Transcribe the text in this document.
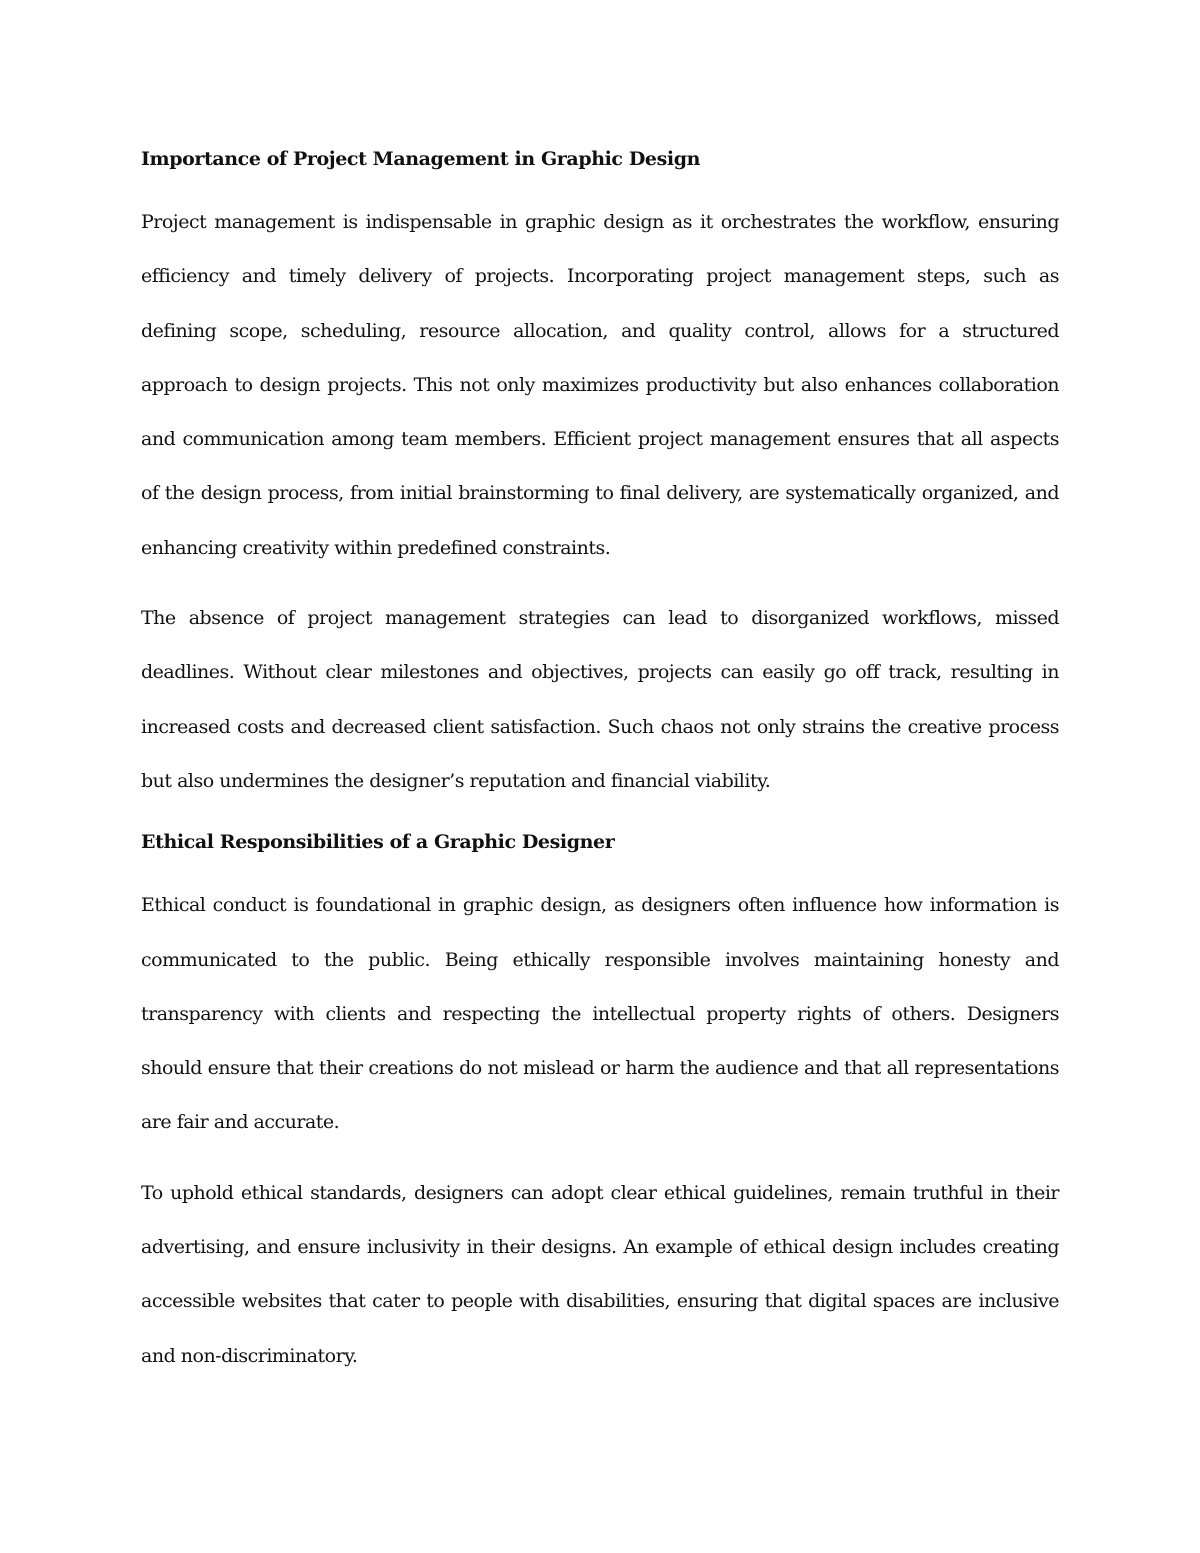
Importance of Project Management in Graphic Design

Project management is indispensable in graphic design as it orchestrates the workflow, ensuring efficiency and timely delivery of projects. Incorporating project management steps, such as defining scope, scheduling, resource allocation, and quality control, allows for a structured approach to design projects. This not only maximizes productivity but also enhances collaboration and communication among team members. Efficient project management ensures that all aspects of the design process, from initial brainstorming to final delivery, are systematically organized, and enhancing creativity within predefined constraints.

The absence of project management strategies can lead to disorganized workflows, missed deadlines. Without clear milestones and objectives, projects can easily go off track, resulting in increased costs and decreased client satisfaction. Such chaos not only strains the creative process but also undermines the designer’s reputation and financial viability.

Ethical Responsibilities of a Graphic Designer

Ethical conduct is foundational in graphic design, as designers often influence how information is communicated to the public. Being ethically responsible involves maintaining honesty and transparency with clients and respecting the intellectual property rights of others. Designers should ensure that their creations do not mislead or harm the audience and that all representations are fair and accurate.

To uphold ethical standards, designers can adopt clear ethical guidelines, remain truthful in their advertising, and ensure inclusivity in their designs. An example of ethical design includes creating accessible websites that cater to people with disabilities, ensuring that digital spaces are inclusive and non-discriminatory.
